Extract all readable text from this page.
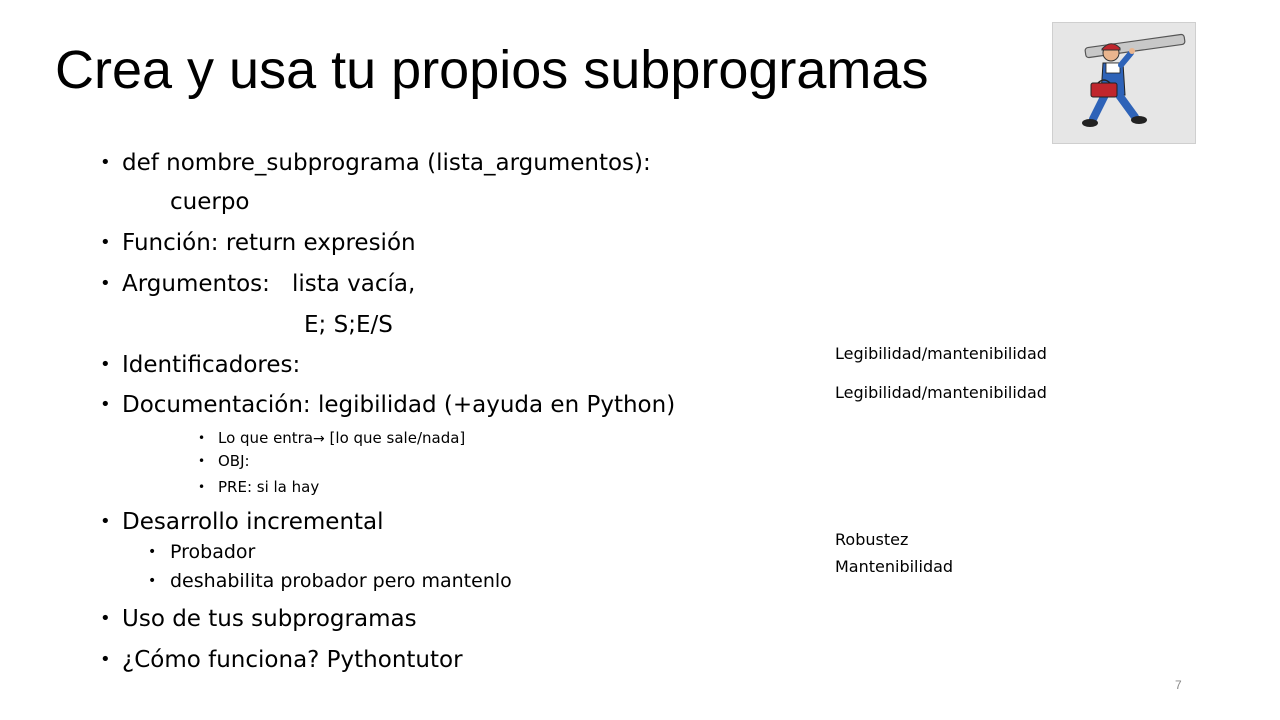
Crea y usa tu propios subprogramas
• def nombre_subprograma (lista_argumentos):
cuerpo
• Función: return expresión
• Argumentos: lista vacía,
E; S;E/S
• Identificadores:
• Documentación: legibilidad (+ayuda en Python)
• Lo que entra→ [lo que sale/nada]
• OBJ:
• PRE: si la hay
• Desarrollo incremental
• Probador
• deshabilita probador pero mantenlo
• Uso de tus subprogramas
• ¿Cómo funciona? Pythontutor
Legibilidad/mantenibilidad
Legibilidad/mantenibilidad
Robustez
Mantenibilidad
7
